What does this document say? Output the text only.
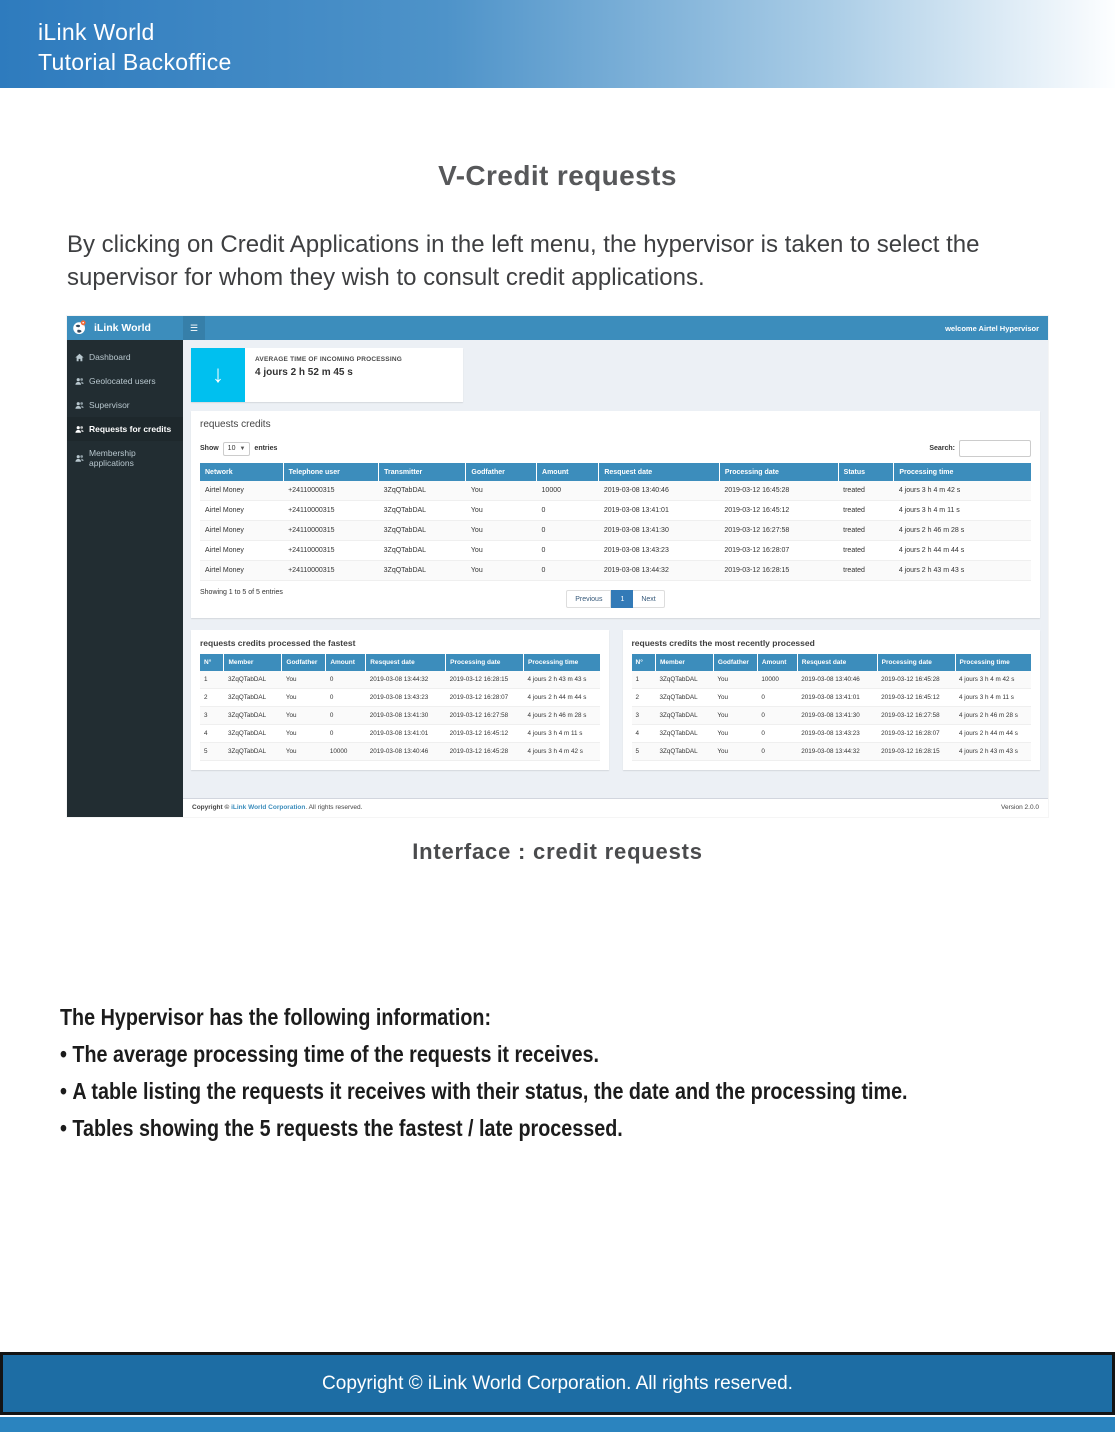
iLink World
Tutorial Backoffice
V-Credit requests
By clicking on Credit Applications in the left menu, the hypervisor is taken to select the supervisor for whom they wish to consult credit applications.
iLink World	☰	welcome Airtel Hypervisor
Dashboard
Geolocated users
Supervisor
Requests for credits
Membership applications
↓
AVERAGE TIME OF INCOMING PROCESSING
4 jours 2 h 52 m 45 s
requests credits
Show 10 ▼ entries	Search:
Network	Telephone user	Transmitter	Godfather	Amount	Resquest date	Processing date	Status	Processing time
Airtel Money	+24110000315	3ZqQTabDAL	You	10000	2019-03-08 13:40:46	2019-03-12 16:45:28	treated	4 jours 3 h 4 m 42 s
Airtel Money	+24110000315	3ZqQTabDAL	You	0	2019-03-08 13:41:01	2019-03-12 16:45:12	treated	4 jours 3 h 4 m 11 s
Airtel Money	+24110000315	3ZqQTabDAL	You	0	2019-03-08 13:41:30	2019-03-12 16:27:58	treated	4 jours 2 h 46 m 28 s
Airtel Money	+24110000315	3ZqQTabDAL	You	0	2019-03-08 13:43:23	2019-03-12 16:28:07	treated	4 jours 2 h 44 m 44 s
Airtel Money	+24110000315	3ZqQTabDAL	You	0	2019-03-08 13:44:32	2019-03-12 16:28:15	treated	4 jours 2 h 43 m 43 s
Showing 1 to 5 of 5 entries
Previous	1	Next
requests credits processed the fastest
N°	Member	Godfather	Amount	Resquest date	Processing date	Processing time
1	3ZqQTabDAL	You	0	2019-03-08 13:44:32	2019-03-12 16:28:15	4 jours 2 h 43 m 43 s
2	3ZqQTabDAL	You	0	2019-03-08 13:43:23	2019-03-12 16:28:07	4 jours 2 h 44 m 44 s
3	3ZqQTabDAL	You	0	2019-03-08 13:41:30	2019-03-12 16:27:58	4 jours 2 h 46 m 28 s
4	3ZqQTabDAL	You	0	2019-03-08 13:41:01	2019-03-12 16:45:12	4 jours 3 h 4 m 11 s
5	3ZqQTabDAL	You	10000	2019-03-08 13:40:46	2019-03-12 16:45:28	4 jours 3 h 4 m 42 s
requests credits the most recently processed
N°	Member	Godfather	Amount	Resquest date	Processing date	Processing time
1	3ZqQTabDAL	You	10000	2019-03-08 13:40:46	2019-03-12 16:45:28	4 jours 3 h 4 m 42 s
2	3ZqQTabDAL	You	0	2019-03-08 13:41:01	2019-03-12 16:45:12	4 jours 3 h 4 m 11 s
3	3ZqQTabDAL	You	0	2019-03-08 13:41:30	2019-03-12 16:27:58	4 jours 2 h 46 m 28 s
4	3ZqQTabDAL	You	0	2019-03-08 13:43:23	2019-03-12 16:28:07	4 jours 2 h 44 m 44 s
5	3ZqQTabDAL	You	0	2019-03-08 13:44:32	2019-03-12 16:28:15	4 jours 2 h 43 m 43 s
Copyright © iLink World Corporation. All rights reserved.	Version 2.0.0
Interface : credit requests
The Hypervisor has the following information:
• The average processing time of the requests it receives.
• A table listing the requests it receives with their status, the date and the processing time.
• Tables showing the 5 requests the fastest / late processed.
Copyright © iLink World Corporation. All rights reserved.
